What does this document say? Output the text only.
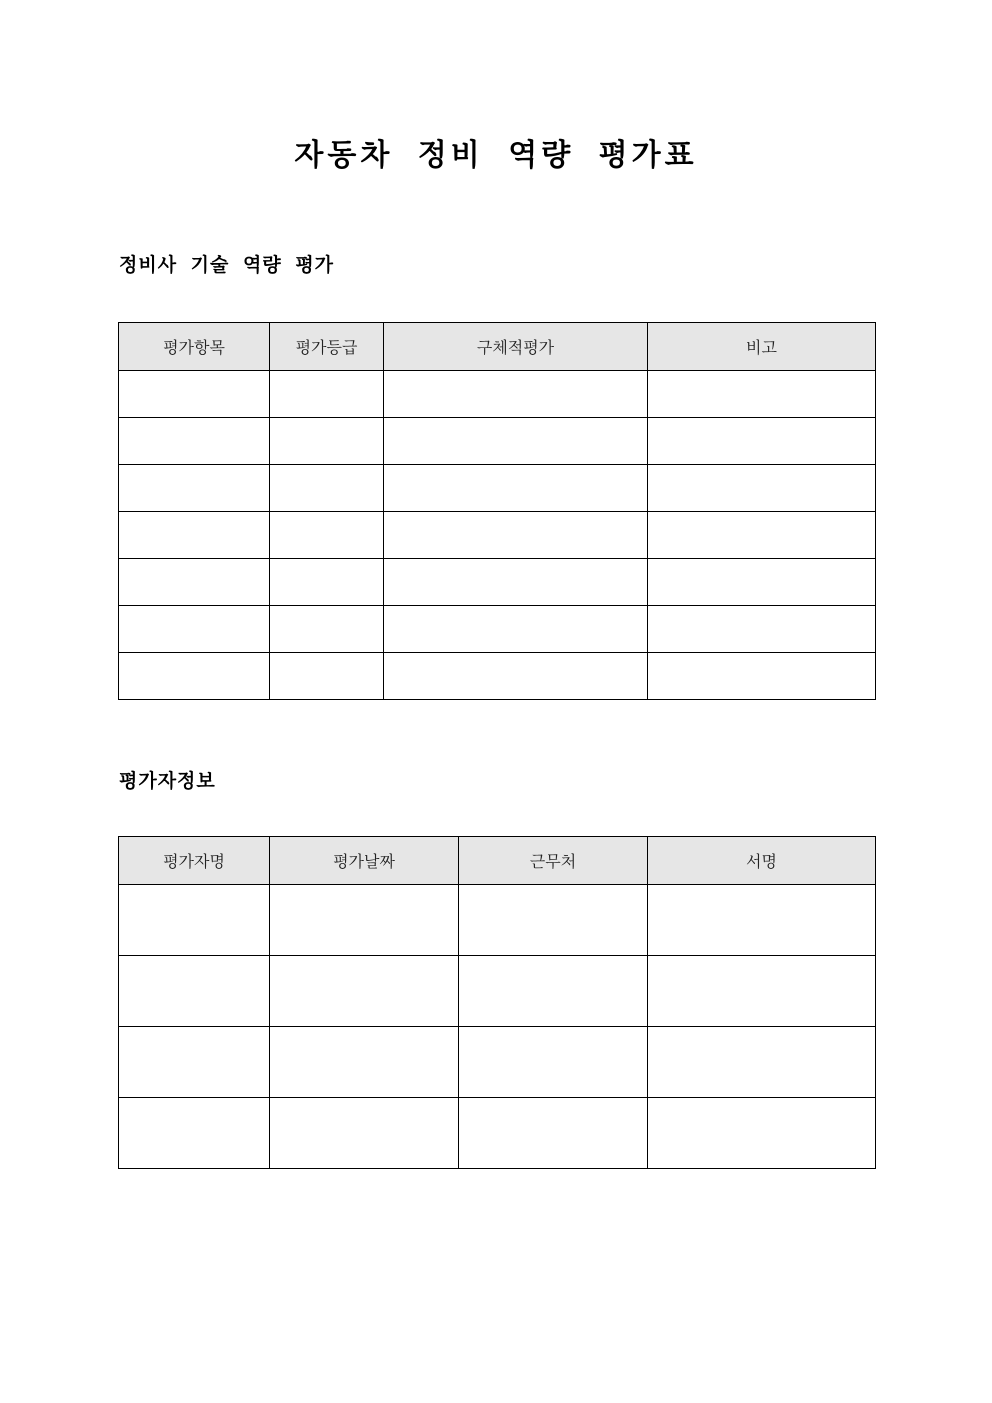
자동차 정비 역량 평가표
정비사 기술 역량 평가
평가항목	평가등급	구체적평가	비고

평가자정보
평가자명	평가날짜	근무처	서명
